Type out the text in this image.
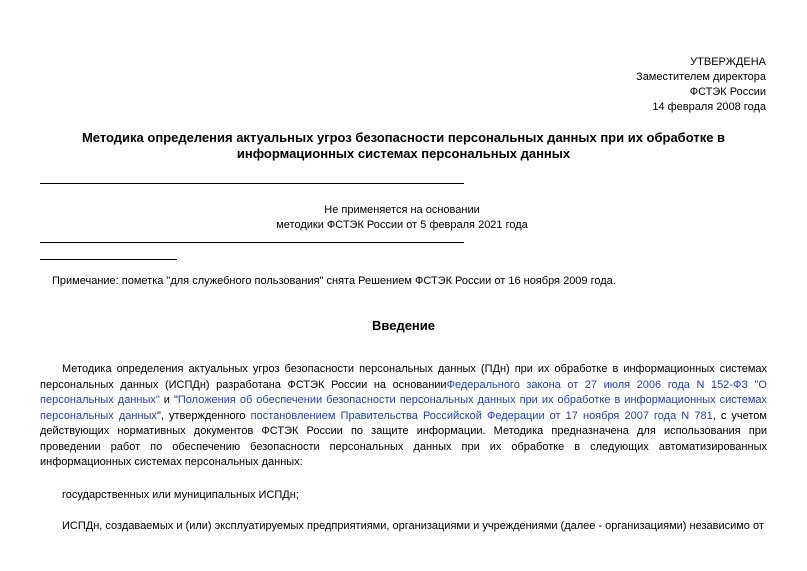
УТВЕРЖДЕНА
Заместителем директора
ФСТЭК России
14 февраля 2008 года
Методика определения актуальных угроз безопасности персональных данных при их обработке в информационных системах персональных данных
Не применяется на основании
методики ФСТЭК России от 5 февраля 2021 года
Примечание: пометка "для служебного пользования" снята Решением ФСТЭК России от 16 ноября 2009 года.
Введение
Методика определения актуальных угроз безопасности персональных данных (ПДн) при их обработке в информационных системах персональных данных (ИСПДн) разработана ФСТЭК России на основанииФедерального закона от 27 июля 2006 года N 152-ФЗ "О персональных данных" и "Положения об обеспечении безопасности персональных данных при их обработке в информационных системах персональных данных", утвержденного постановлением Правительства Российской Федерации от 17 ноября 2007 года N 781, с учетом действующих нормативных документов ФСТЭК России по защите информации. Методика предназначена для использования при проведении работ по обеспечению безопасности персональных данных при их обработке в следующих автоматизированных информационных системах персональных данных:
государственных или муниципальных ИСПДн;
ИСПДн, создаваемых и (или) эксплуатируемых предприятиями, организациями и учреждениями (далее - организациями) независимо от
